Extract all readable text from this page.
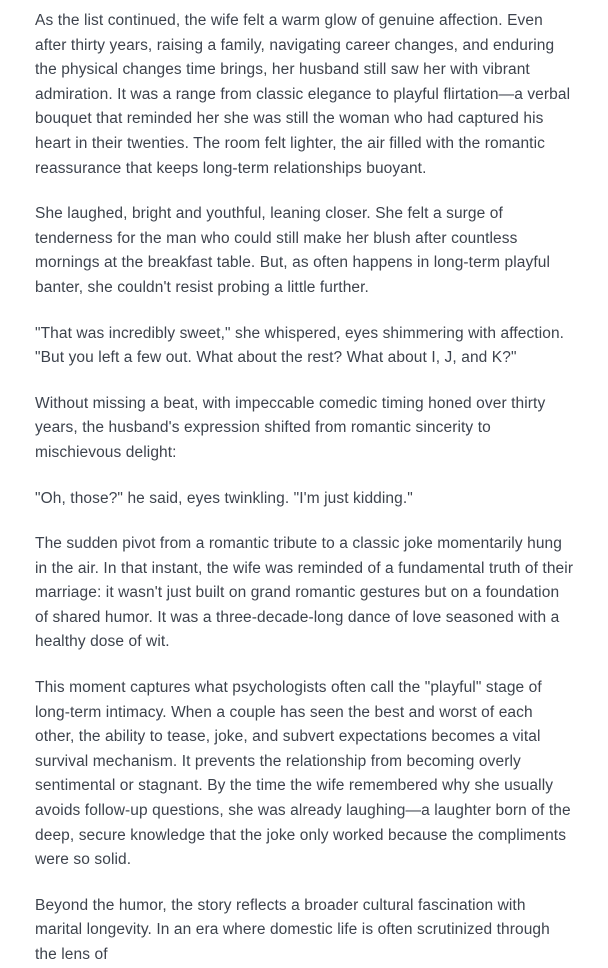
As the list continued, the wife felt a warm glow of genuine affection. Even after thirty years, raising a family, navigating career changes, and enduring the physical changes time brings, her husband still saw her with vibrant admiration. It was a range from classic elegance to playful flirtation—a verbal bouquet that reminded her she was still the woman who had captured his heart in their twenties. The room felt lighter, the air filled with the romantic reassurance that keeps long-term relationships buoyant.

She laughed, bright and youthful, leaning closer. She felt a surge of tenderness for the man who could still make her blush after countless mornings at the breakfast table. But, as often happens in long-term playful banter, she couldn't resist probing a little further.

"That was incredibly sweet," she whispered, eyes shimmering with affection. "But you left a few out. What about the rest? What about I, J, and K?"

Without missing a beat, with impeccable comedic timing honed over thirty years, the husband's expression shifted from romantic sincerity to mischievous delight:

"Oh, those?" he said, eyes twinkling. "I'm just kidding."

The sudden pivot from a romantic tribute to a classic joke momentarily hung in the air. In that instant, the wife was reminded of a fundamental truth of their marriage: it wasn't just built on grand romantic gestures but on a foundation of shared humor. It was a three-decade-long dance of love seasoned with a healthy dose of wit.

This moment captures what psychologists often call the "playful" stage of long-term intimacy. When a couple has seen the best and worst of each other, the ability to tease, joke, and subvert expectations becomes a vital survival mechanism. It prevents the relationship from becoming overly sentimental or stagnant. By the time the wife remembered why she usually avoids follow-up questions, she was already laughing—a laughter born of the deep, secure knowledge that the joke only worked because the compliments were so solid.

Beyond the humor, the story reflects a broader cultural fascination with marital longevity. In an era where domestic life is often scrutinized through the lens of
